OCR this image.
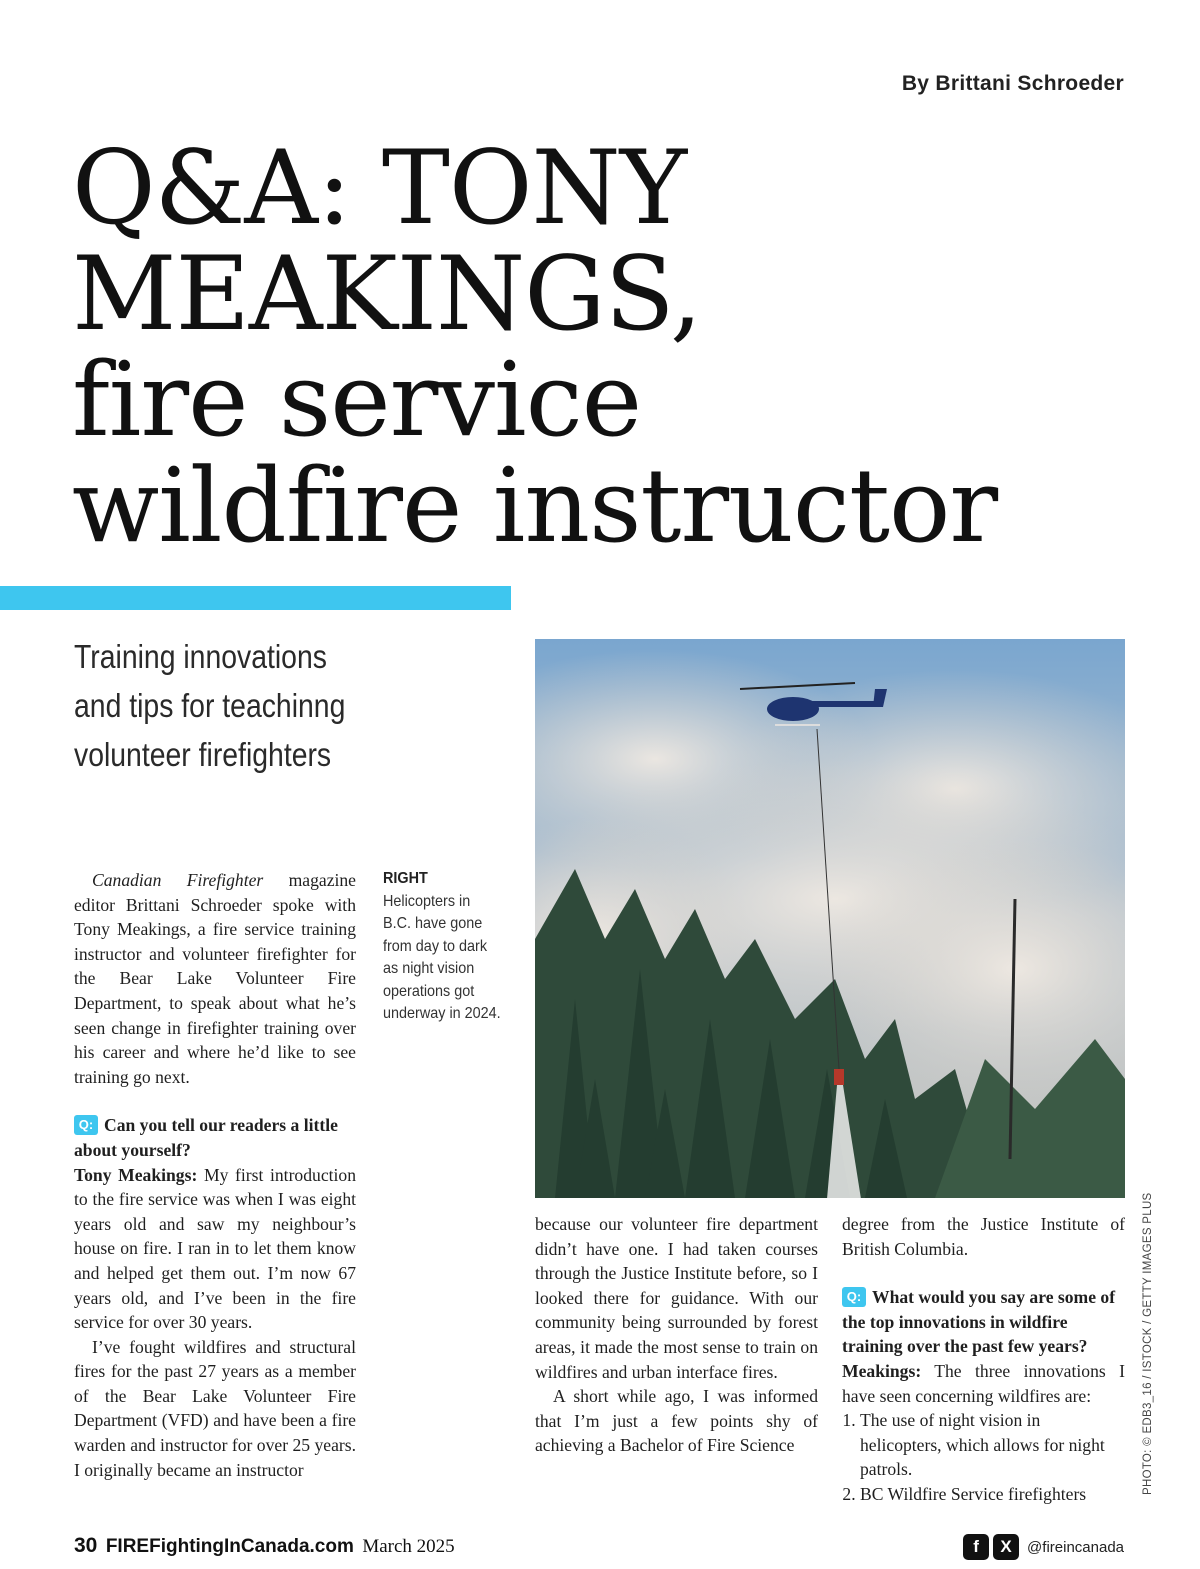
By Brittani Schroeder
Q&A: TONY
MEAKINGS,
fire service
wildfire instructor
Training innovations and tips for teachinng volunteer firefighters

Canadian Firefighter magazine editor Brittani Schroeder spoke with Tony Meakings, a fire service training instructor and volunteer firefighter for the Bear Lake Volunteer Fire Department, to speak about what he’s seen change in firefighter training over his career and where he’d like to see training go next.

Q: Can you tell our readers a little about yourself?

Tony Meakings: My first introduction to the fire service was when I was eight years old and saw my neighbour’s house on fire. I ran in to let them know and helped get them out. I’m now 67 years old, and I’ve been in the fire service for over 30 years.

I’ve fought wildfires and structural fires for the past 27 years as a member of the Bear Lake Volunteer Fire Department (VFD) and have been a fire warden and instructor for over 25 years. I originally became an instructor

RIGHT
Helicopters in B.C. have gone from day to dark as night vision operations got underway in 2024.
PHOTO: © EDB3_16 / ISTOCK / GETTY IMAGES PLUS

because our volunteer fire department didn’t have one. I had taken courses through the Justice Institute before, so I looked there for guidance. With our community being surrounded by forest areas, it made the most sense to train on wildfires and urban interface fires.

A short while ago, I was informed that I’m just a few points shy of achieving a Bachelor of Fire Science

degree from the Justice Institute of British Columbia.

Q: What would you say are some of the top innovations in wildfire training over the past few years?

Meakings: The three innovations I have seen concerning wildfires are:

1. The use of night vision in helicopters, which allows for night patrols.
2. BC Wildfire Service firefighters
30 FIREFightingInCanada.com March 2025	f	X	@fireincanada
